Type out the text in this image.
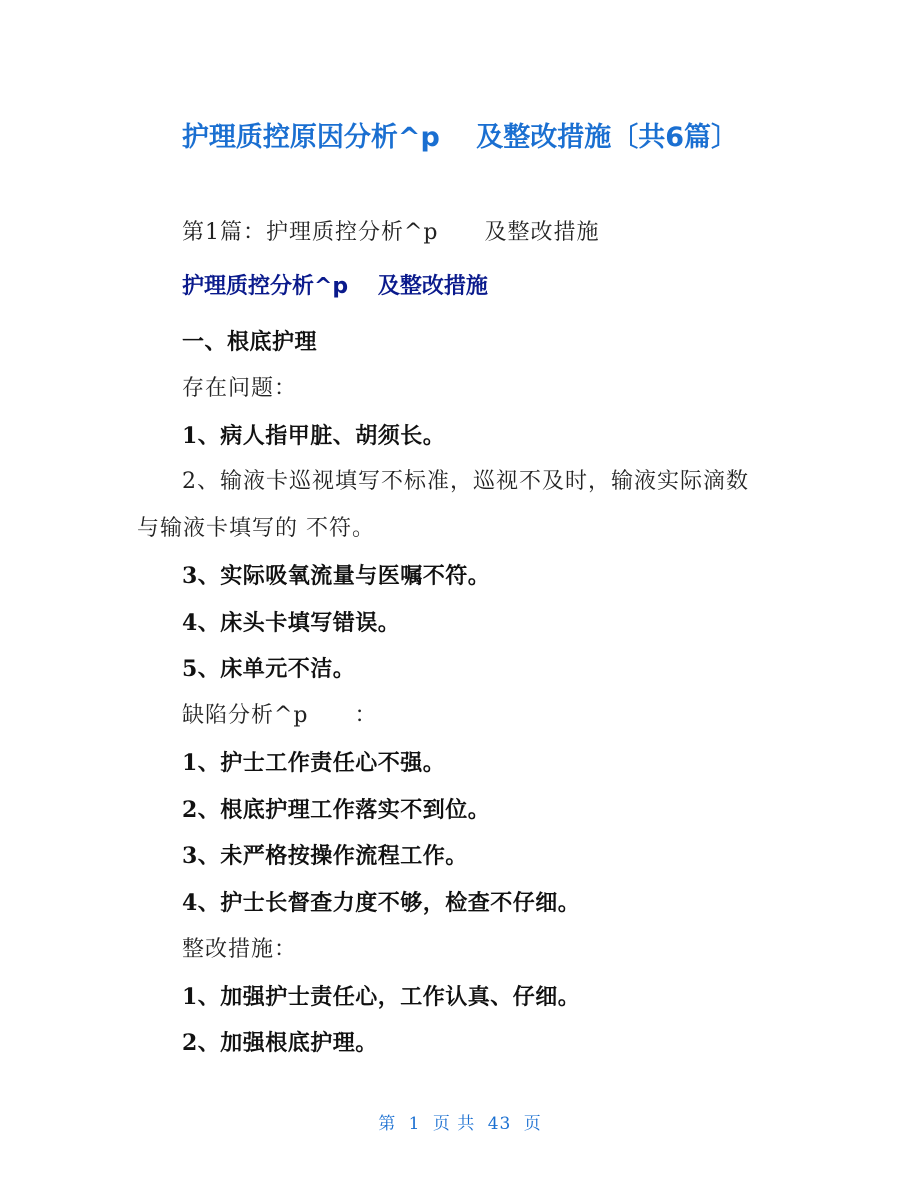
护理质控原因分析^p　 及整改措施〔共6篇〕
第1篇：护理质控分析^p　　及整改措施
护理质控分析^p　 及整改措施
一、根底护理
存在问题：
1、病人指甲脏、胡须长。
2、输液卡巡视填写不标准，巡视不及时，输液实际滴数
与输液卡填写的 不符。
3、实际吸氧流量与医嘱不符。
4、床头卡填写错误。
5、床单元不洁。
缺陷分析^p　　：
1、护士工作责任心不强。
2、根底护理工作落实不到位。
3、未严格按操作流程工作。
4、护士长督查力度不够，检查不仔细。
整改措施：
1、加强护士责任心，工作认真、仔细。
2、加强根底护理。
第 1 页 共 43 页
